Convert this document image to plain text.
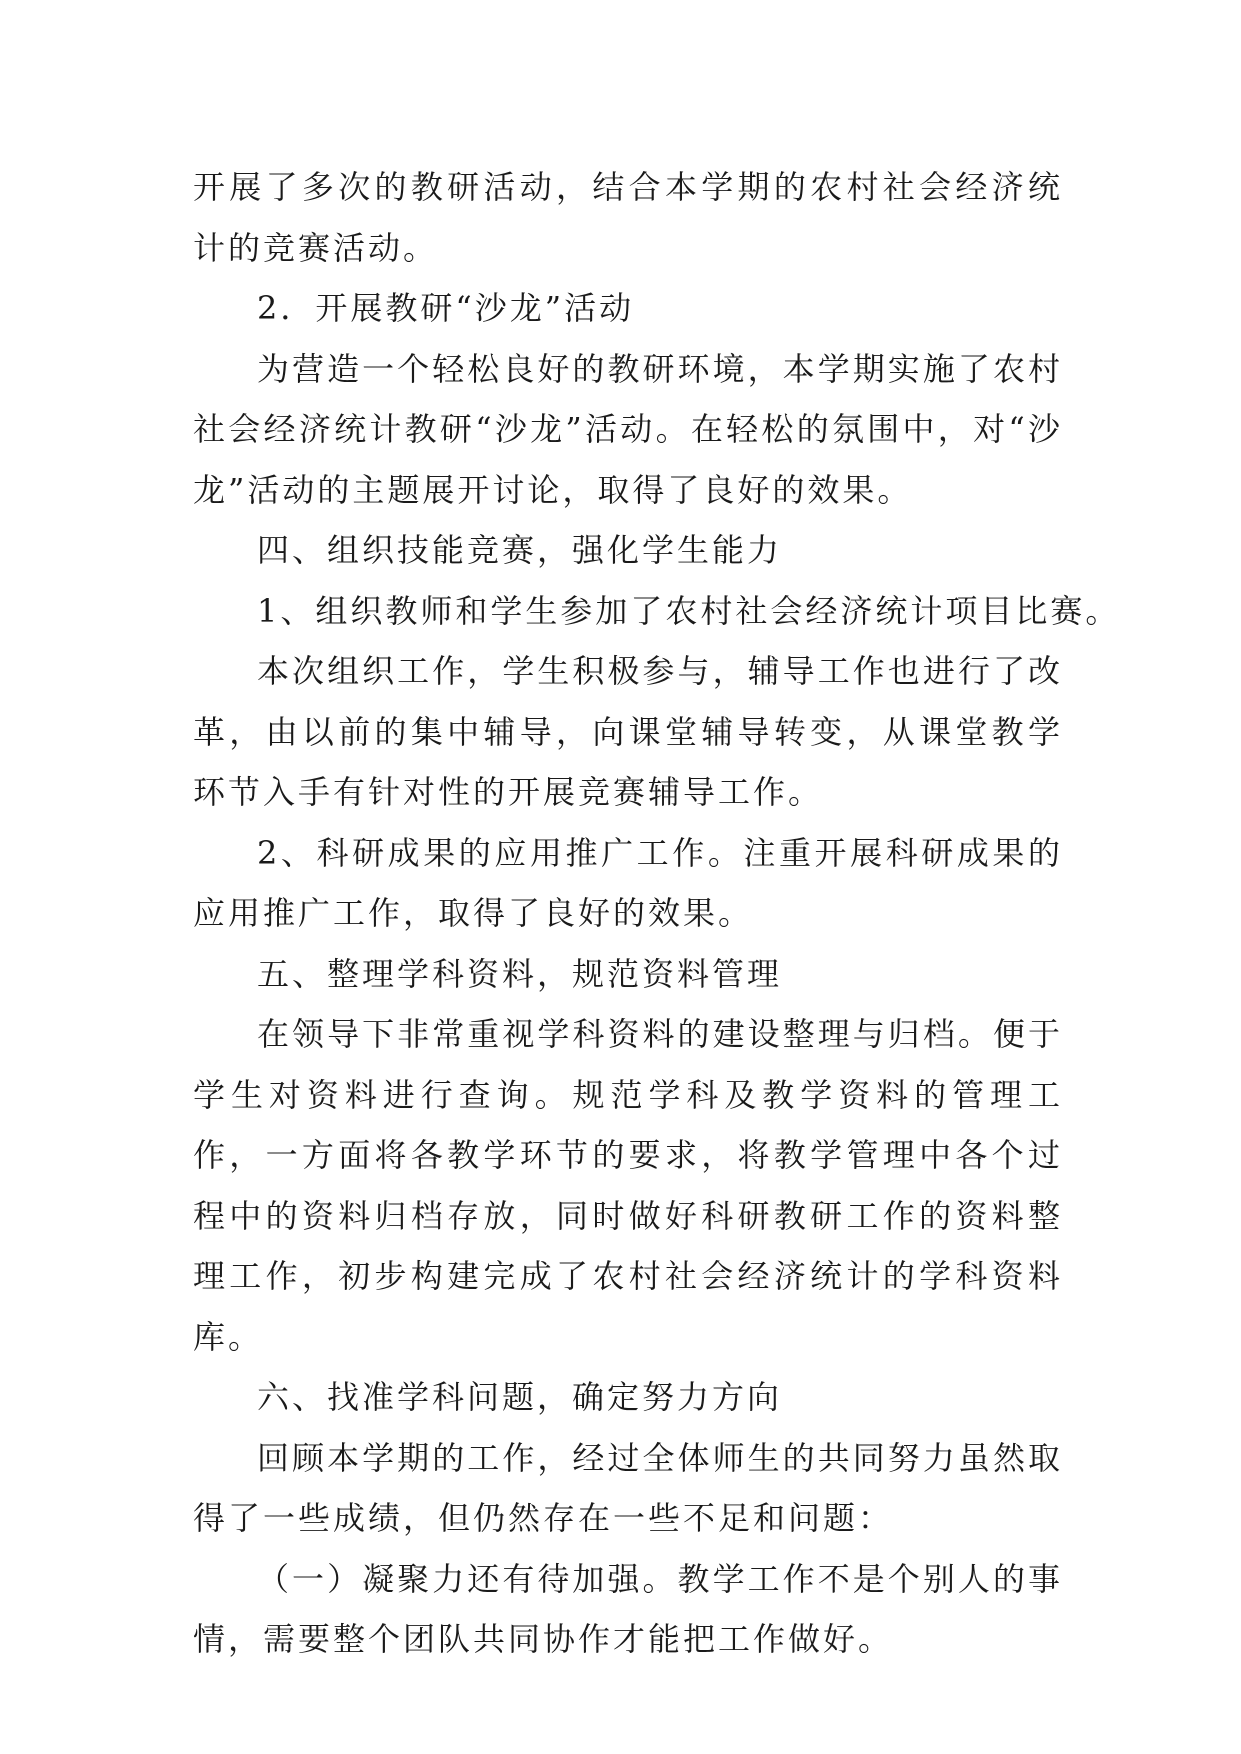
开展了多次的教研活动，结合本学期的农村社会经济统计的竞赛活动。

2．开展教研“沙龙”活动

为营造一个轻松良好的教研环境，本学期实施了农村社会经济统计教研“沙龙”活动。在轻松的氛围中，对“沙龙”活动的主题展开讨论，取得了良好的效果。

四、组织技能竞赛，强化学生能力

1、组织教师和学生参加了农村社会经济统计项目比赛。

本次组织工作，学生积极参与，辅导工作也进行了改革，由以前的集中辅导，向课堂辅导转变，从课堂教学环节入手有针对性的开展竞赛辅导工作。

2、科研成果的应用推广工作。注重开展科研成果的应用推广工作，取得了良好的效果。

五、整理学科资料，规范资料管理

在领导下非常重视学科资料的建设整理与归档。便于学生对资料进行查询。规范学科及教学资料的管理工作，一方面将各教学环节的要求，将教学管理中各个过程中的资料归档存放，同时做好科研教研工作的资料整理工作，初步构建完成了农村社会经济统计的学科资料库。

六、找准学科问题，确定努力方向

回顾本学期的工作，经过全体师生的共同努力虽然取得了一些成绩，但仍然存在一些不足和问题：

（一）凝聚力还有待加强。教学工作不是个别人的事情，需要整个团队共同协作才能把工作做好。
